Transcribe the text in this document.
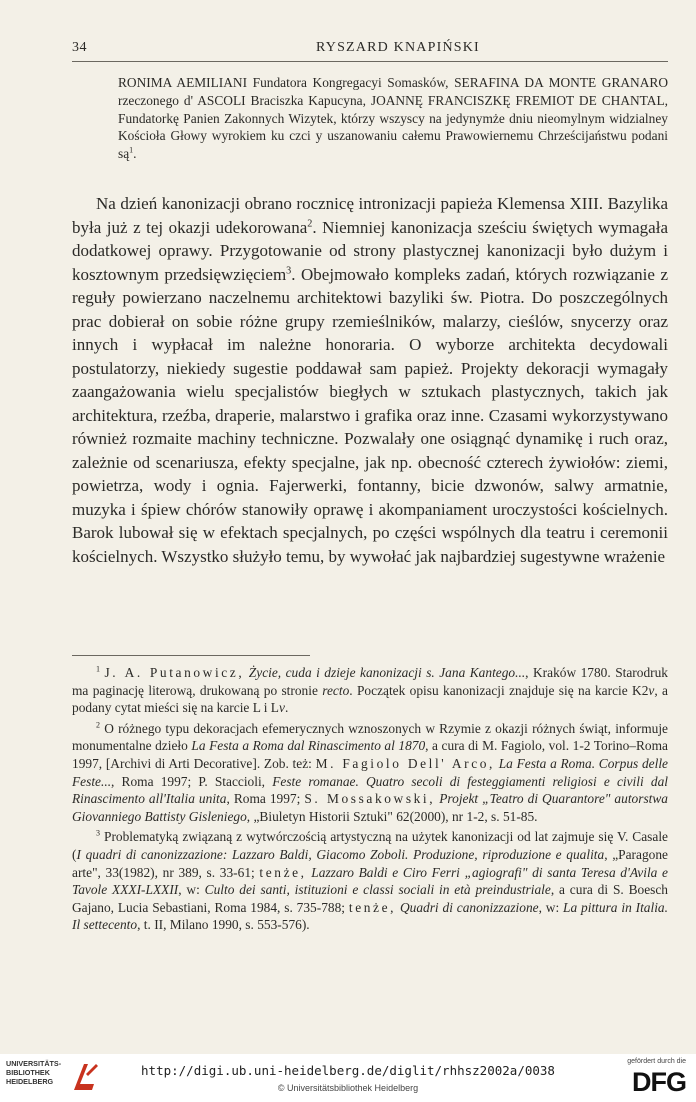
34	RYSZARD KNAPIŃSKI
RONIMA AEMILIANI Fundatora Kongregacyi Somasków, SERAFINA DA MONTE GRANARO rzeczonego d' ASCOLI Braciszka Kapucyna, JOANNĘ FRANCISZKĘ FREMIOT DE CHANTAL, Fundatorkę Panien Zakonnych Wizytek, którzy wszyscy na jedynymże dniu nieomylnym widzialney Kościoła Głowy wyrokiem ku czci y uszanowaniu całemu Prawowiernemu Chrześcijaństwu podani $są^1$.

Na dzień kanonizacji obrano rocznicę intronizacji papieża Klemensa XIII. Bazylika była już z tej okazji udekorowana$^2$. Niemniej kanonizacja sześciu świętych wymagała dodatkowej oprawy. Przygotowanie od strony plastycznej kanonizacji było dużym i kosztownym przedsięwzięciem$^3$. Obejmowało kompleks zadań, których rozwiązanie z reguły powierzano naczelnemu architektowi bazyliki św. Piotra. Do poszczególnych prac dobierał on sobie różne grupy rzemieślników, malarzy, cieślów, snycerzy oraz innych i wypłacał im należne honoraria. O wyborze architekta decydowali postulatorzy, niekiedy sugestie poddawał sam papież. Projekty dekoracji wymagały zaangażowania wielu specjalistów biegłych w sztukach plastycznych, takich jak architektura, rzeźba, draperie, malarstwo i grafika oraz inne. Czasami wykorzystywano również rozmaite machiny techniczne. Pozwalały one osiągnąć dynamikę i ruch oraz, zależnie od scenariusza, efekty specjalne, jak np. obecność czterech żywiołów: ziemi, powietrza, wody i ognia. Fajerwerki, fontanny, bicie dzwonów, salwy armatnie, muzyka i śpiew chórów stanowiły oprawę i akompaniament uroczystości kościelnych. Barok lubował się w efektach specjalnych, po części wspólnych dla teatru i ceremonii kościelnych. Wszystko służyło temu, by wywołać jak najbardziej sugestywne wrażenie

$^1$ J. A. Putanowicz, Życie, cuda i dzieje kanonizacji s. Jana Kantego..., Kraków 1780. Starodruk ma paginację literową, drukowaną po stronie recto. Początek opisu kanonizacji znajduje się na karcie K2v, a podany cytat mieści się na karcie L i Lv.

$^2$ O różnego typu dekoracjach efemerycznych wznoszonych w Rzymie z okazji różnych świąt, informuje monumentalne dzieło La Festa a Roma dal Rinascimento al 1870, a cura di M. Fagiolo, vol. 1-2 Torino–Roma 1997, [Archivi di Arti Decorative]. Zob. też: M. Fagiolo Dell' Arco, La Festa a Roma. Corpus delle Feste..., Roma 1997; P. Staccioli, Feste romanae. Quatro secoli di festeggiamenti religiosi e civili dal Rinascimento all'Italia unita, Roma 1997; S. Mossakowski, Projekt „Teatro di Quarantore" autorstwa Giovanniego Battisty Gisleniego, „Biuletyn Historii Sztuki" 62(2000), nr 1-2, s. 51-85.

$^3$ Problematyką związaną z wytwórczością artystyczną na użytek kanonizacji od lat zajmuje się V. Casale (I quadri di canonizzazione: Lazzaro Baldi, Giacomo Zoboli. Produzione, riproduzione e qualita, „Paragone arte", 33(1982), nr 389, s. 33-61; tenże, Lazzaro Baldi e Ciro Ferri „agiografi" di santa Teresa d'Avila e Tavole XXXI-LXXII, w: Culto dei santi, istituzioni e classi sociali in età preindustriale, a cura di S. Boesch Gajano, Lucia Sebastiani, Roma 1984, s. 735-788; tenże, Quadri di canonizzazione, w: La pittura in Italia. Il settecento, t. II, Milano 1990, s. 553-576).

UNIVERSITÄTS-
BIBLIOTHEK
HEIDELBERG
http://digi.ub.uni-heidelberg.de/diglit/rhhsz2002a/0038
© Universitätsbibliothek Heidelberg
gefördert durch die
DFG
